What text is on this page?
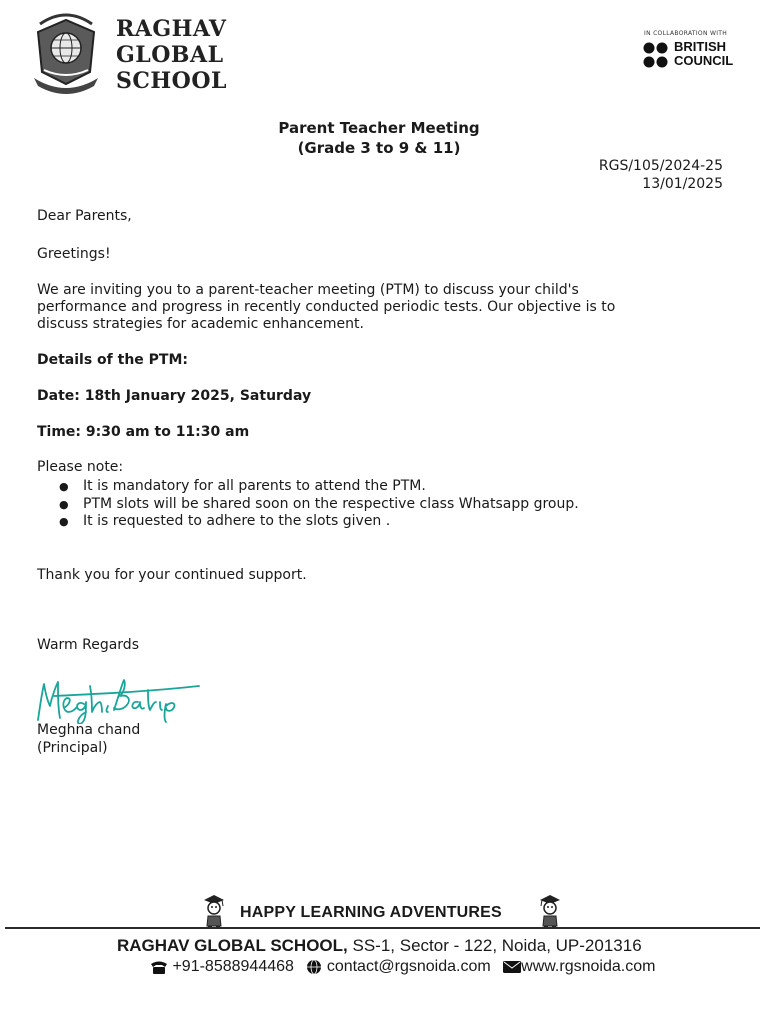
RAGHAV
GLOBAL
SCHOOL
IN COLLABORATION WITH
BRITISH
COUNCIL
Parent Teacher Meeting
(Grade 3 to 9 & 11)
RGS/105/2024-25
13/01/2025
Dear Parents,
Greetings!
We are inviting you to a parent-teacher meeting (PTM) to discuss your child's
performance and progress in recently conducted periodic tests. Our objective is to
discuss strategies for academic enhancement.
Details of the PTM:
Date: 18th January 2025, Saturday
Time: 9:30 am to 11:30 am
Please note:
● It is mandatory for all parents to attend the PTM.
● PTM slots will be shared soon on the respective class Whatsapp group.
● It is requested to adhere to the slots given .
Thank you for your continued support.
Warm Regards
Meghna chand
(Principal)
HAPPY LEARNING ADVENTURES
RAGHAV GLOBAL SCHOOL, SS-1, Sector - 122, Noida, UP-201316
+91-8588944468 contact@rgsnoida.com www.rgsnoida.com
